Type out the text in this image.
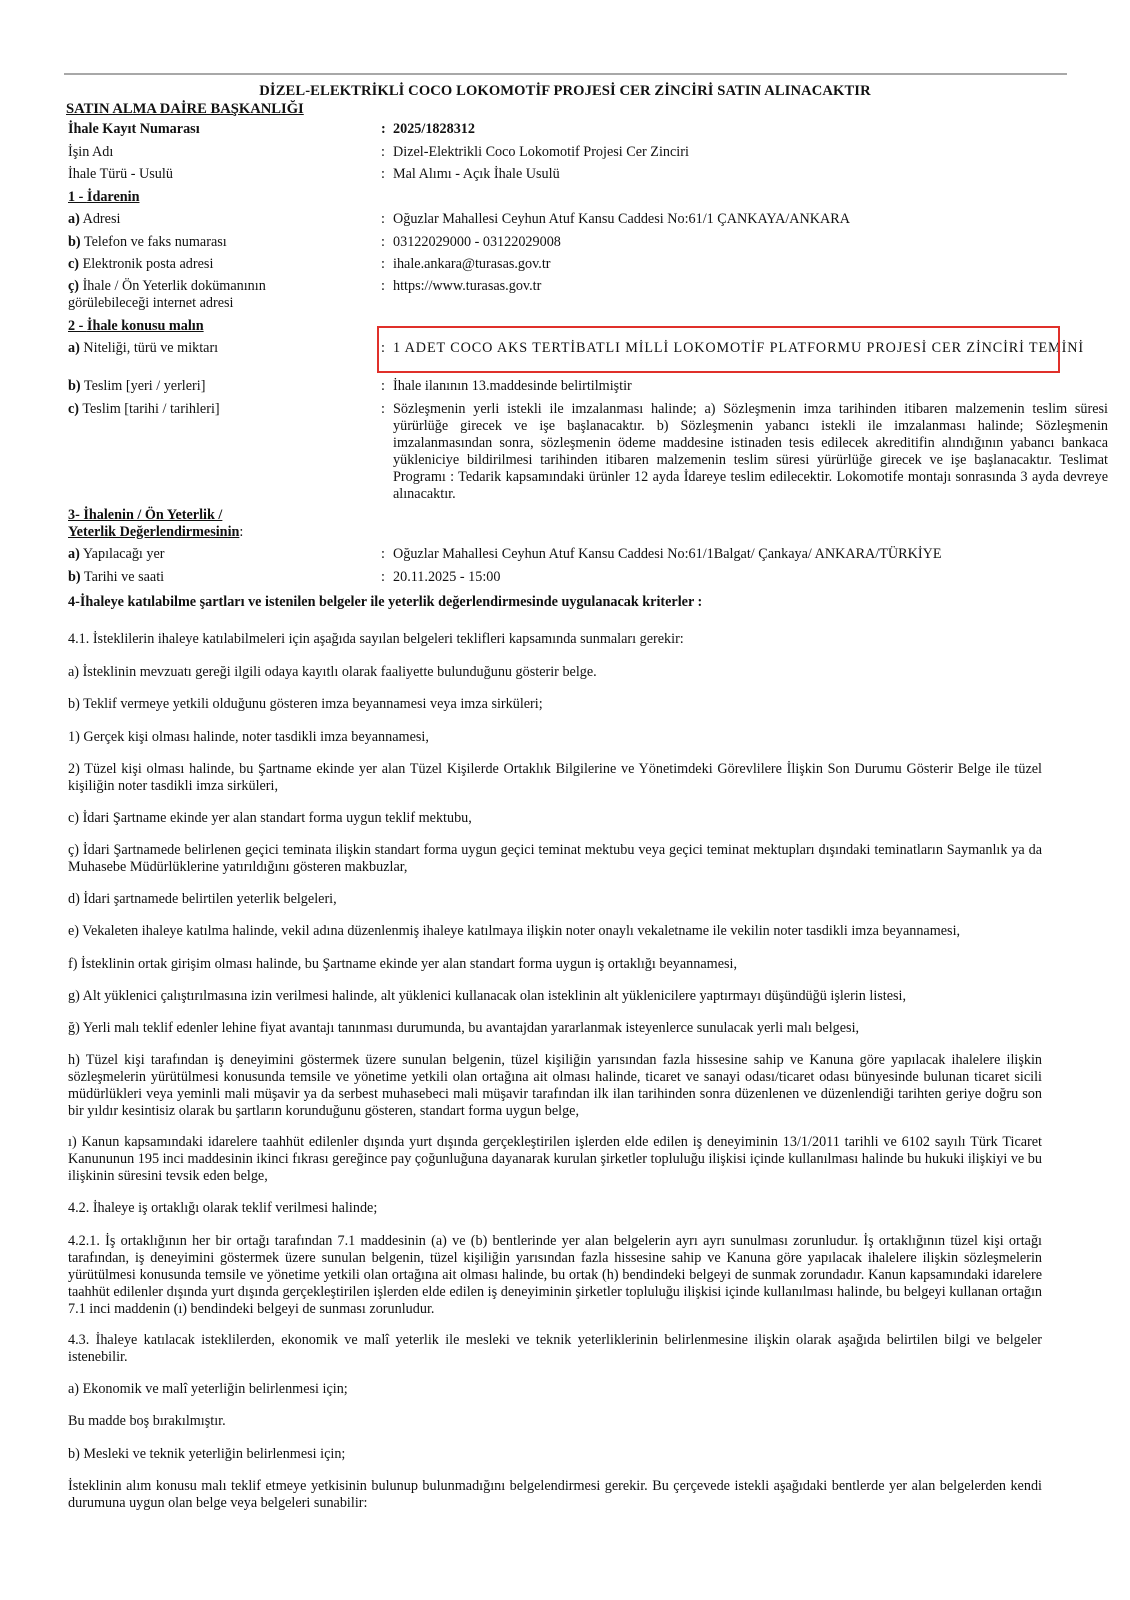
DİZEL-ELEKTRİKLİ COCO LOKOMOTİF PROJESİ CER ZİNCİRİ SATIN ALINACAKTIR
SATIN ALMA DAİRE BAŞKANLIĞI
İhale Kayıt Numarası	: 2025/1828312
İşin Adı	: Dizel-Elektrikli Coco Lokomotif Projesi Cer Zinciri
İhale Türü - Usulü	: Mal Alımı - Açık İhale Usulü
1 - İdarenin
a) Adresi	: Oğuzlar Mahallesi Ceyhun Atuf Kansu Caddesi No:61/1 ÇANKAYA/ANKARA
b) Telefon ve faks numarası	: 03122029000 - 03122029008
c) Elektronik posta adresi	: ihale.ankara@turasas.gov.tr
ç) İhale / Ön Yeterlik dokümanının
görülebileceği internet adresi
: https://www.turasas.gov.tr
2 - İhale konusu malın
a) Niteliği, türü ve miktarı	: 1 ADET COCO AKS TERTİBATLI MİLLİ LOKOMOTİF PLATFORMU PROJESİ CER ZİNCİRİ TEMİNİ
b) Teslim [yeri / yerleri]	: İhale ilanının 13.maddesinde belirtilmiştir
c) Teslim [tarihi / tarihleri]	: Sözleşmenin yerli istekli ile imzalanması halinde; a) Sözleşmenin imza tarihinden itibaren malzemenin teslim süresi yürürlüğe girecek ve işe başlanacaktır. b) Sözleşmenin yabancı istekli ile imzalanması halinde; Sözleşmenin imzalanmasından sonra, sözleşmenin ödeme maddesine istinaden tesis edilecek akreditifin alındığının yabancı bankaca yükleniciye bildirilmesi tarihinden itibaren malzemenin teslim süresi yürürlüğe girecek ve işe başlanacaktır. Teslimat Programı : Tedarik kapsamındaki ürünler 12 ayda İdareye teslim edilecektir. Lokomotife montajı sonrasında 3 ayda devreye alınacaktır.
3- İhalenin / Ön Yeterlik /
Yeterlik Değerlendirmesinin:
a) Yapılacağı yer	: Oğuzlar Mahallesi Ceyhun Atuf Kansu Caddesi No:61/1Balgat/ Çankaya/ ANKARA/TÜRKİYE
b) Tarihi ve saati	: 20.11.2025 - 15:00
4-İhaleye katılabilme şartları ve istenilen belgeler ile yeterlik değerlendirmesinde uygulanacak kriterler :
4.1. İsteklilerin ihaleye katılabilmeleri için aşağıda sayılan belgeleri teklifleri kapsamında sunmaları gerekir:
a) İsteklinin mevzuatı gereği ilgili odaya kayıtlı olarak faaliyette bulunduğunu gösterir belge.
b) Teklif vermeye yetkili olduğunu gösteren imza beyannamesi veya imza sirküleri;
1) Gerçek kişi olması halinde, noter tasdikli imza beyannamesi,
2) Tüzel kişi olması halinde, bu Şartname ekinde yer alan Tüzel Kişilerde Ortaklık Bilgilerine ve Yönetimdeki Görevlilere İlişkin Son Durumu Gösterir Belge ile tüzel kişiliğin noter tasdikli imza sirküleri,
c) İdari Şartname ekinde yer alan standart forma uygun teklif mektubu,
ç) İdari Şartnamede belirlenen geçici teminata ilişkin standart forma uygun geçici teminat mektubu veya geçici teminat mektupları dışındaki teminatların Saymanlık ya da Muhasebe Müdürlüklerine yatırıldığını gösteren makbuzlar,
d) İdari şartnamede belirtilen yeterlik belgeleri,
e) Vekaleten ihaleye katılma halinde, vekil adına düzenlenmiş ihaleye katılmaya ilişkin noter onaylı vekaletname ile vekilin noter tasdikli imza beyannamesi,
f) İsteklinin ortak girişim olması halinde, bu Şartname ekinde yer alan standart forma uygun iş ortaklığı beyannamesi,
g) Alt yüklenici çalıştırılmasına izin verilmesi halinde, alt yüklenici kullanacak olan isteklinin alt yüklenicilere yaptırmayı düşündüğü işlerin listesi,
ğ) Yerli malı teklif edenler lehine fiyat avantajı tanınması durumunda, bu avantajdan yararlanmak isteyenlerce sunulacak yerli malı belgesi,
h) Tüzel kişi tarafından iş deneyimini göstermek üzere sunulan belgenin, tüzel kişiliğin yarısından fazla hissesine sahip ve Kanuna göre yapılacak ihalelere ilişkin sözleşmelerin yürütülmesi konusunda temsile ve yönetime yetkili olan ortağına ait olması halinde, ticaret ve sanayi odası/ticaret odası bünyesinde bulunan ticaret sicili müdürlükleri veya yeminli mali müşavir ya da serbest muhasebeci mali müşavir tarafından ilk ilan tarihinden sonra düzenlenen ve düzenlendiği tarihten geriye doğru son bir yıldır kesintisiz olarak bu şartların korunduğunu gösteren, standart forma uygun belge,
ı) Kanun kapsamındaki idarelere taahhüt edilenler dışında yurt dışında gerçekleştirilen işlerden elde edilen iş deneyiminin 13/1/2011 tarihli ve 6102 sayılı Türk Ticaret Kanununun 195 inci maddesinin ikinci fıkrası gereğince pay çoğunluğuna dayanarak kurulan şirketler topluluğu ilişkisi içinde kullanılması halinde bu hukuki ilişkiyi ve bu ilişkinin süresini tevsik eden belge,
4.2. İhaleye iş ortaklığı olarak teklif verilmesi halinde;
4.2.1. İş ortaklığının her bir ortağı tarafından 7.1 maddesinin (a) ve (b) bentlerinde yer alan belgelerin ayrı ayrı sunulması zorunludur. İş ortaklığının tüzel kişi ortağı tarafından, iş deneyimini göstermek üzere sunulan belgenin, tüzel kişiliğin yarısından fazla hissesine sahip ve Kanuna göre yapılacak ihalelere ilişkin sözleşmelerin yürütülmesi konusunda temsile ve yönetime yetkili olan ortağına ait olması halinde, bu ortak (h) bendindeki belgeyi de sunmak zorundadır. Kanun kapsamındaki idarelere taahhüt edilenler dışında yurt dışında gerçekleştirilen işlerden elde edilen iş deneyiminin şirketler topluluğu ilişkisi içinde kullanılması halinde, bu belgeyi kullanan ortağın 7.1 inci maddenin (ı) bendindeki belgeyi de sunması zorunludur.
4.3. İhaleye katılacak isteklilerden, ekonomik ve malî yeterlik ile mesleki ve teknik yeterliklerinin belirlenmesine ilişkin olarak aşağıda belirtilen bilgi ve belgeler istenebilir.
a) Ekonomik ve malî yeterliğin belirlenmesi için;
Bu madde boş bırakılmıştır.
b) Mesleki ve teknik yeterliğin belirlenmesi için;
İsteklinin alım konusu malı teklif etmeye yetkisinin bulunup bulunmadığını belgelendirmesi gerekir. Bu çerçevede istekli aşağıdaki bentlerde yer alan belgelerden kendi durumuna uygun olan belge veya belgeleri sunabilir:
